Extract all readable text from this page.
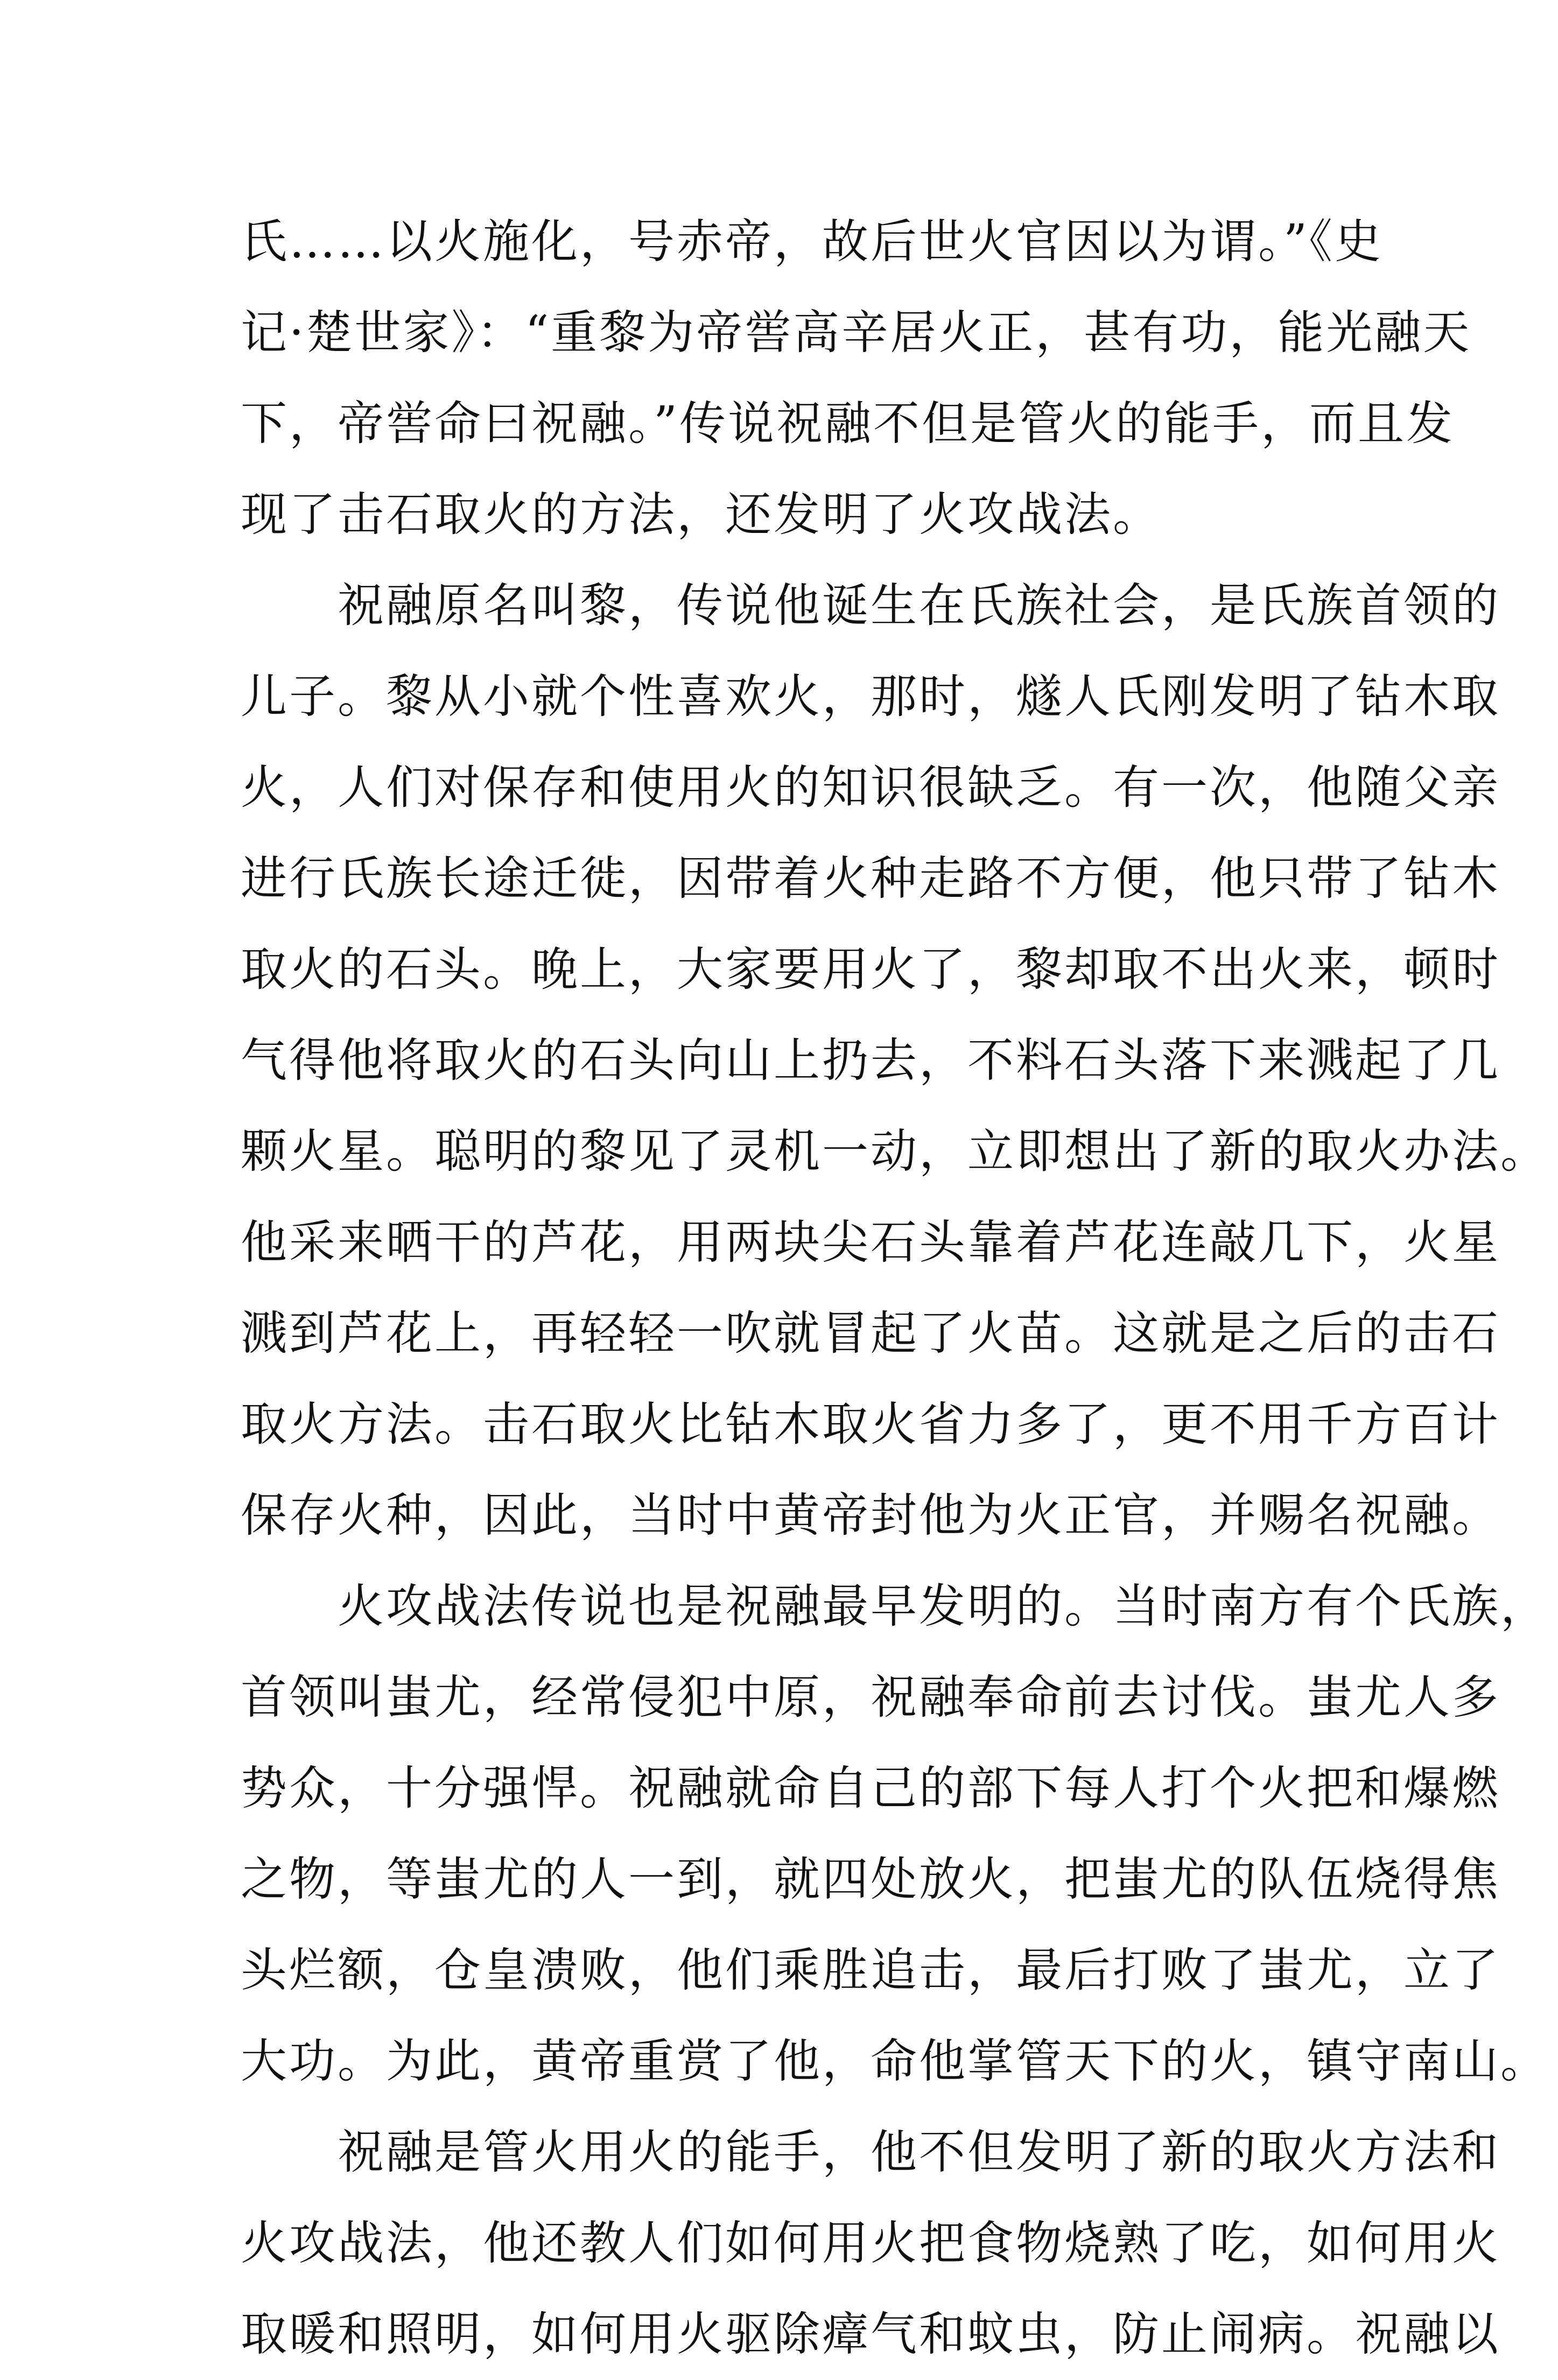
氏……以火施化，号赤帝，故后世火官因以为谓。”《史
记·楚世家》：“重黎为帝喾高辛居火正，甚有功，能光融天
下，帝喾命曰祝融。”传说祝融不但是管火的能手，而且发
现了击石取火的方法，还发明了火攻战法。
　　祝融原名叫黎，传说他诞生在氏族社会，是氏族首领的
儿子。黎从小就个性喜欢火，那时，燧人氏刚发明了钻木取
火，人们对保存和使用火的知识很缺乏。有一次，他随父亲
进行氏族长途迁徙，因带着火种走路不方便，他只带了钻木
取火的石头。晚上，大家要用火了，黎却取不出火来，顿时
气得他将取火的石头向山上扔去，不料石头落下来溅起了几
颗火星。聪明的黎见了灵机一动，立即想出了新的取火办法。
他采来晒干的芦花，用两块尖石头靠着芦花连敲几下，火星
溅到芦花上，再轻轻一吹就冒起了火苗。这就是之后的击石
取火方法。击石取火比钻木取火省力多了，更不用千方百计
保存火种，因此，当时中黄帝封他为火正官，并赐名祝融。
　　火攻战法传说也是祝融最早发明的。当时南方有个氏族，
首领叫蚩尤，经常侵犯中原，祝融奉命前去讨伐。蚩尤人多
势众，十分强悍。祝融就命自己的部下每人打个火把和爆燃
之物，等蚩尤的人一到，就四处放火，把蚩尤的队伍烧得焦
头烂额，仓皇溃败，他们乘胜追击，最后打败了蚩尤，立了
大功。为此，黄帝重赏了他，命他掌管天下的火，镇守南山。
　　祝融是管火用火的能手，他不但发明了新的取火方法和
火攻战法，他还教人们如何用火把食物烧熟了吃，如何用火
取暖和照明，如何用火驱除瘴气和蚊虫，防止闹病。祝融以
